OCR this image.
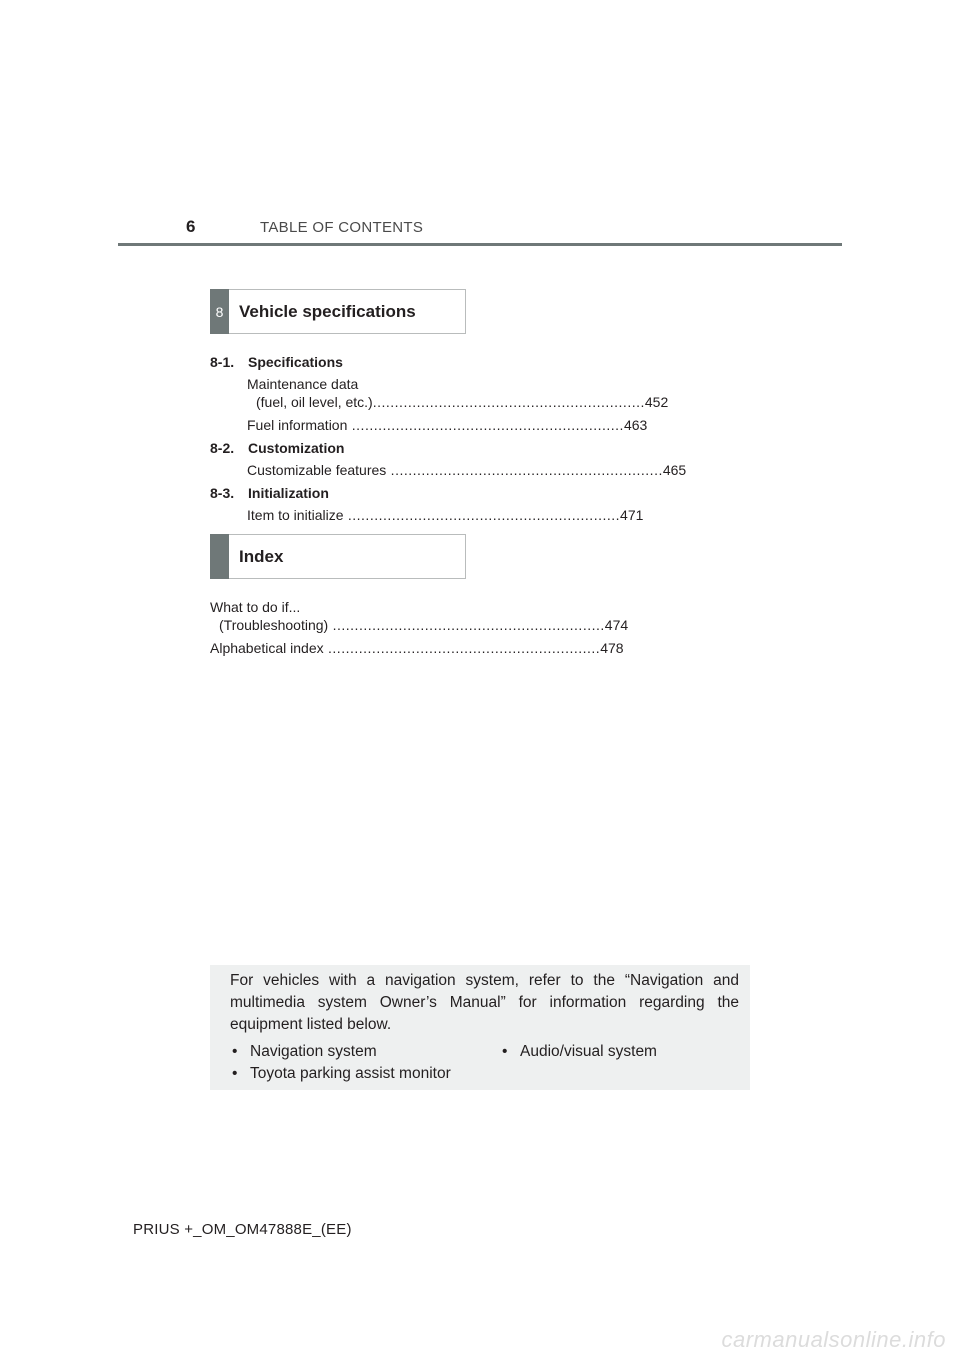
6	TABLE OF CONTENTS
8 Vehicle specifications
8-1. Specifications
Maintenance data
(fuel, oil level, etc.) .............................................................. 452
Fuel information .............................................................. 463
8-2. Customization
Customizable features .............................................................. 465
8-3. Initialization
Item to initialize .............................................................. 471
Index
What to do if...
(Troubleshooting) .............................................................. 474
Alphabetical index .............................................................. 478
For vehicles with a navigation system, refer to the “Navigation and multimedia system Owner’s Manual” for information regarding the equipment listed below.
• Navigation system
• Toyota parking assist monitor
• Audio/visual system
PRIUS +_OM_OM47888E_(EE)
carmanualsonline.info
